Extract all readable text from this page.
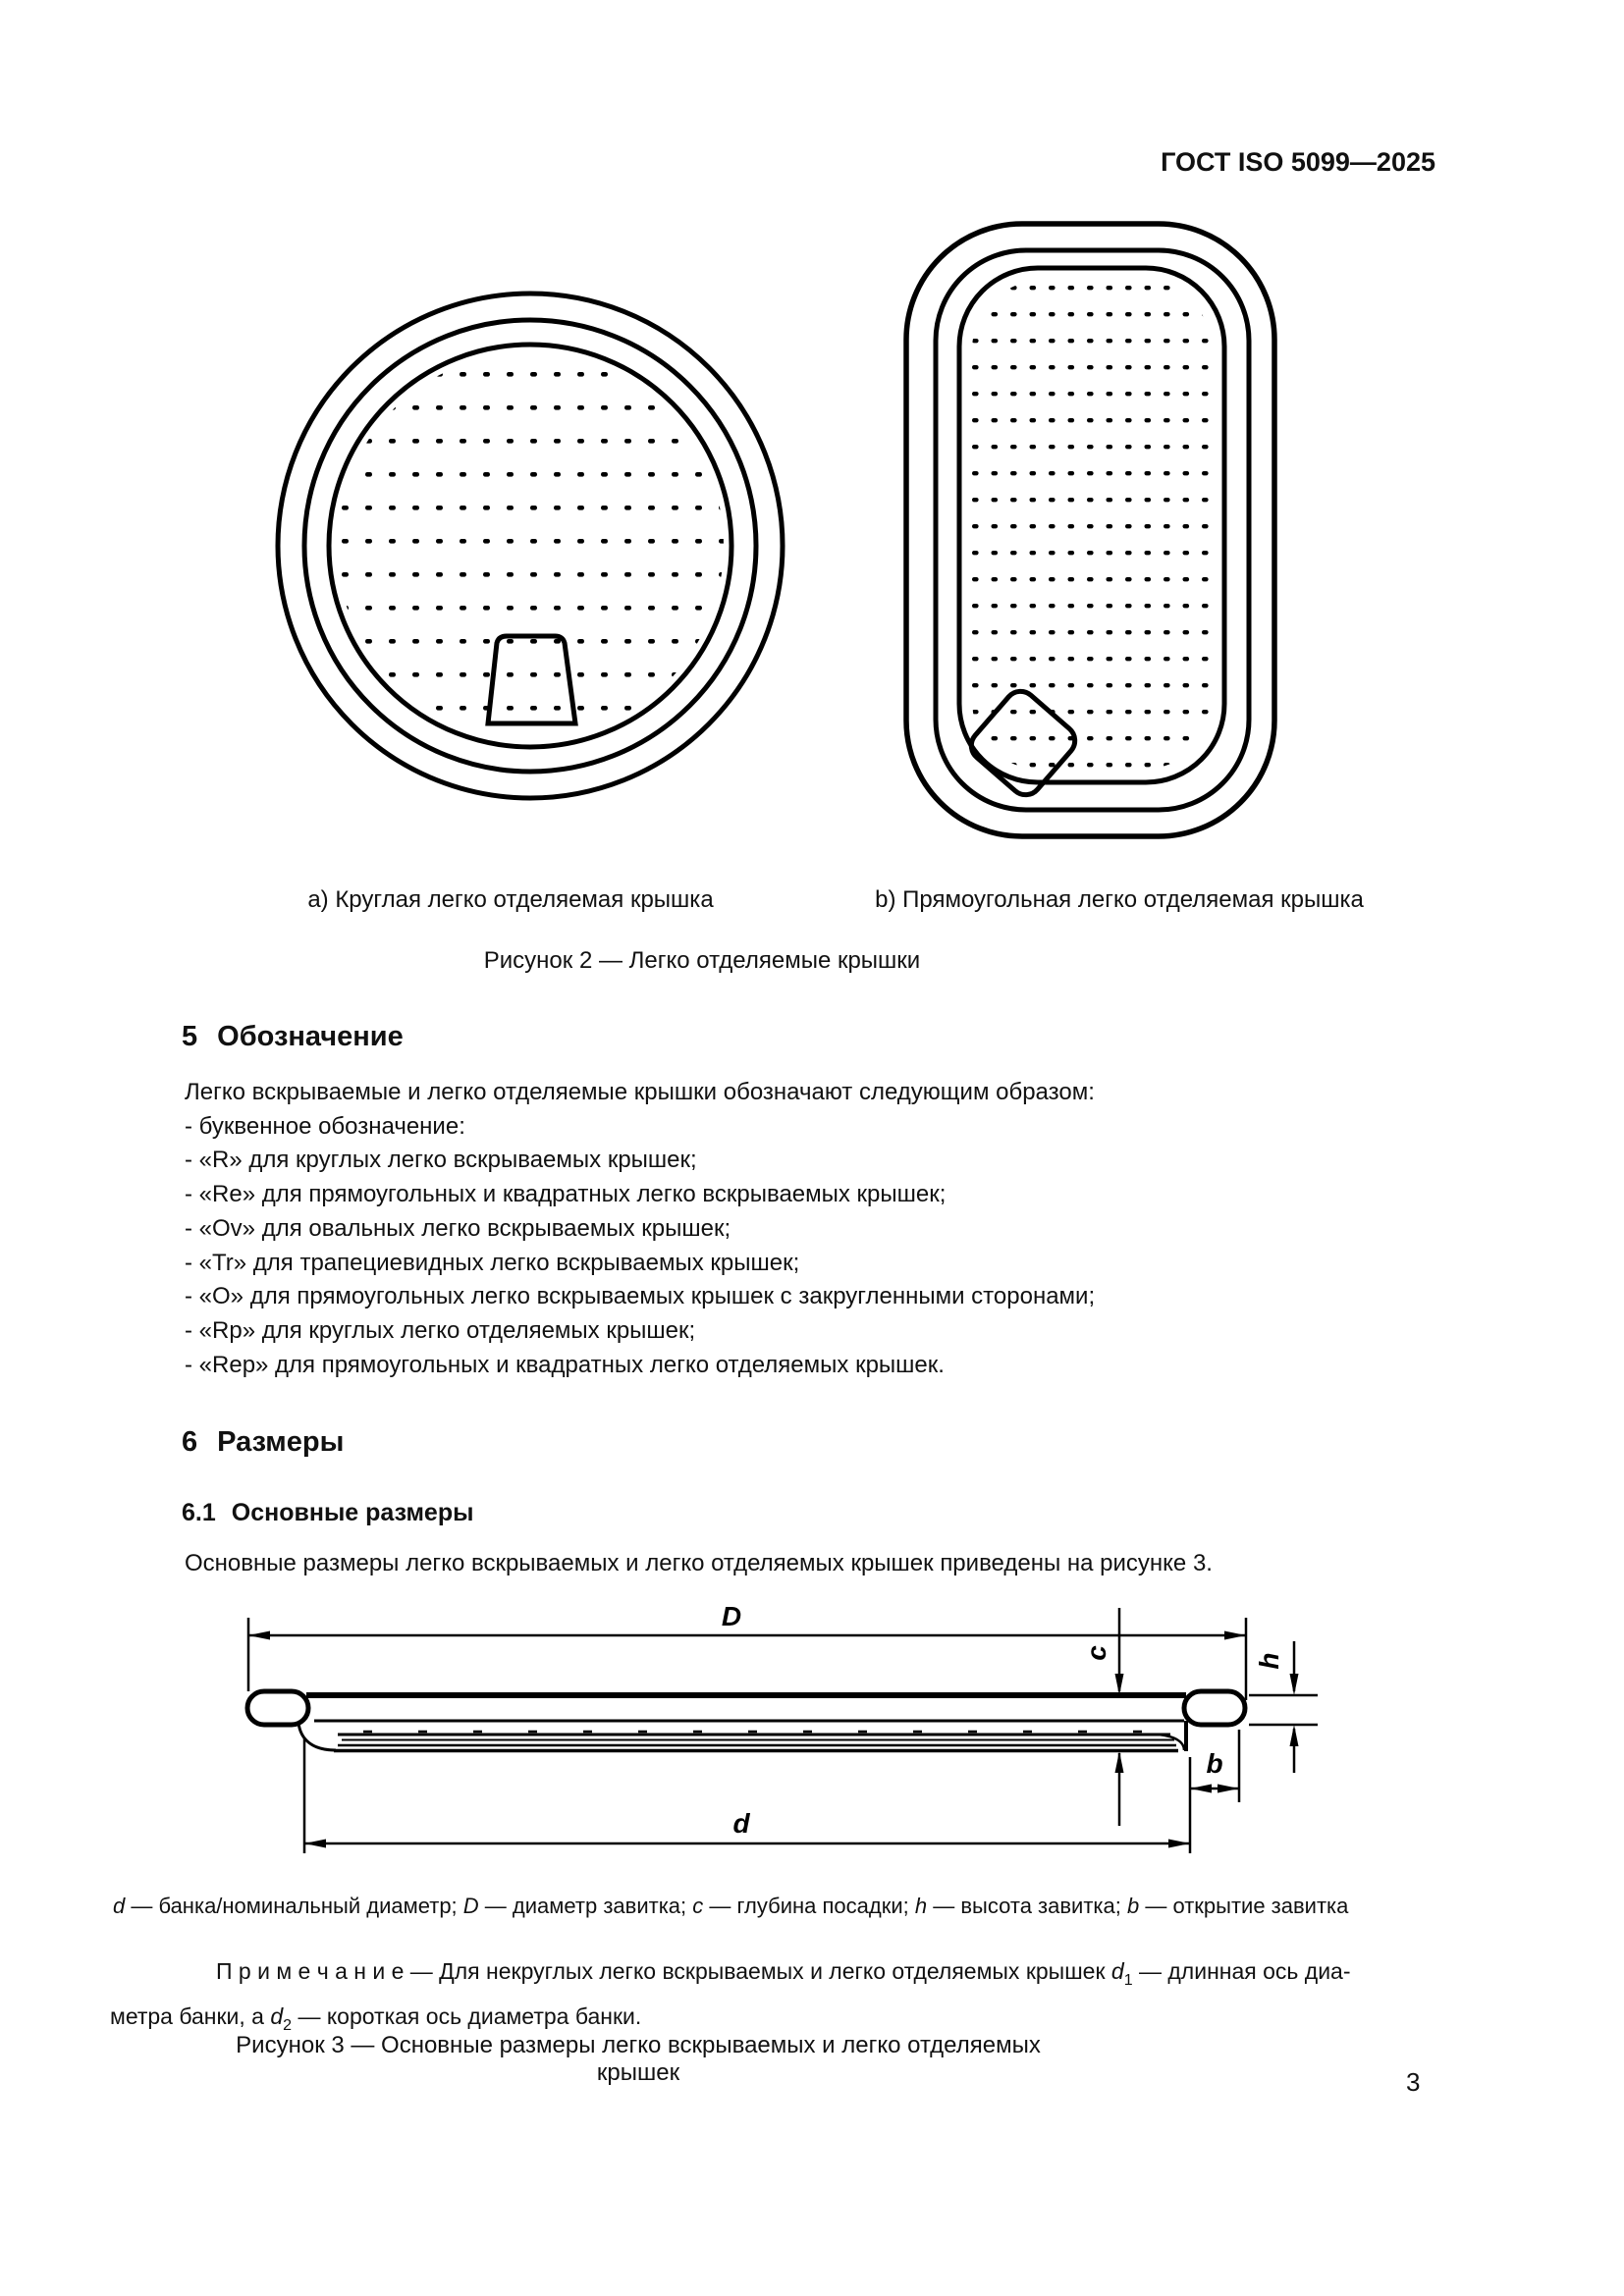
ГОСТ ISO 5099—2025
a) Круглая легко отделяемая крышка	b) Прямоугольная легко отделяемая крышка
Рисунок 2 — Легко отделяемые крышки
5 Обозначение
Легко вскрываемые и легко отделяемые крышки обозначают следующим образом:
- буквенное обозначение:
- «R» для круглых легко вскрываемых крышек;
- «Re» для прямоугольных и квадратных легко вскрываемых крышек;
- «Ov» для овальных легко вскрываемых крышек;
- «Tr» для трапециевидных легко вскрываемых крышек;
- «O» для прямоугольных легко вскрываемых крышек с закругленными сторонами;
- «Rp» для круглых легко отделяемых крышек;
- «Rep» для прямоугольных и квадратных легко отделяемых крышек.
6 Размеры
6.1 Основные размеры
Основные размеры легко вскрываемых и легко отделяемых крышек приведены на рисунке 3.
D
c	h
b
d
d — банка/номинальный диаметр; D — диаметр завитка; c — глубина посадки; h — высота завитка; b — открытие завитка
П р и м е ч а н и е — Для некруглых легко вскрываемых и легко отделяемых крышек $d_1$ — длинная ось диа-
метра банки, а $d_2$ — короткая ось диаметра банки.
Рисунок 3 — Основные размеры легко вскрываемых и легко отделяемых крышек	3
